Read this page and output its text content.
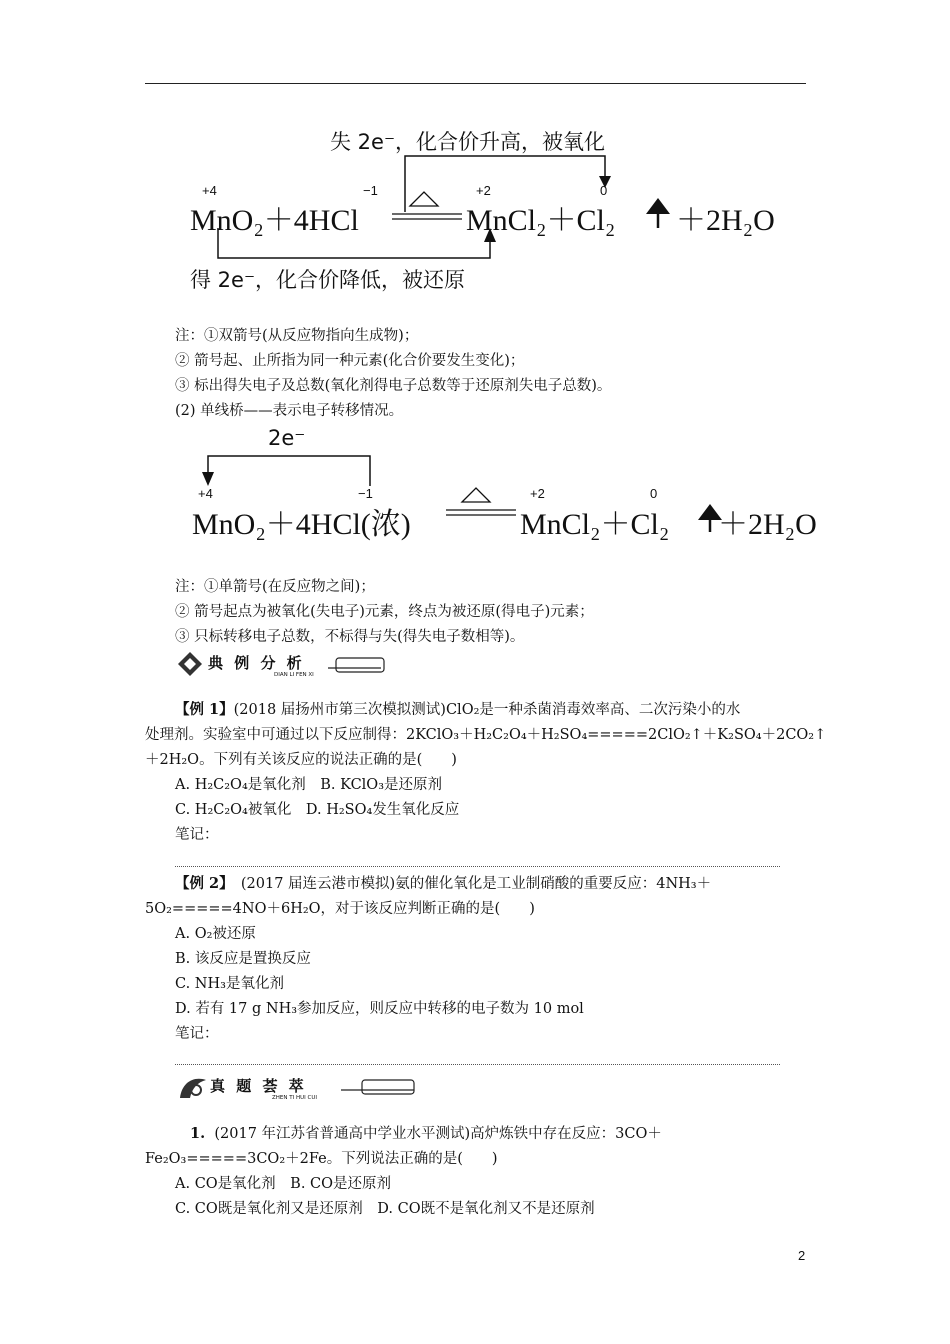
失 2e⁻，化合价升高，被氧化
+4	−1	+2	0
MnO₂＋4HCl	MnCl₂＋Cl₂ ＋2H₂O
得 2e⁻，化合价降低，被还原
注：①双箭号(从反应物指向生成物)；
② 箭号起、止所指为同一种元素(化合价要发生变化)；
③ 标出得失电子及总数(氧化剂得电子总数等于还原剂失电子总数)。
(2) 单线桥——表示电子转移情况。
2e⁻
+4	−1	+2	0
MnO₂＋4HCl(浓)	MnCl₂＋Cl₂ ＋2H₂O
注：①单箭号(在反应物之间)；
② 箭号起点为被氧化(失电子)元素，终点为被还原(得电子)元素；
③ 只标转移电子总数，不标得与失(得失电子数相等)。
典 例 分 析
DIAN LI FEN XI
【例 1】(2018 届扬州市第三次模拟测试)ClO₂是一种杀菌消毒效率高、二次污染小的水
处理剂。实验室中可通过以下反应制得：2KClO₃＋H₂C₂O₄＋H₂SO₄=====2ClO₂↑＋K₂SO₄＋2CO₂↑
＋2H₂O。下列有关该反应的说法正确的是(　　)
A. H₂C₂O₄是氧化剂　B. KClO₃是还原剂
C. H₂C₂O₄被氧化　D. H₂SO₄发生氧化反应
笔记：
【例 2】　(2017 届连云港市模拟)氨的催化氧化是工业制硝酸的重要反应：4NH₃＋
5O₂=====4NO＋6H₂O，对于该反应判断正确的是(　　)
A. O₂被还原
B. 该反应是置换反应
C. NH₃是氧化剂
D. 若有 17 g NH₃参加反应，则反应中转移的电子数为 10 mol
笔记：
真 题 荟 萃
ZHEN TI HUI CUI
1. (2017 年江苏省普通高中学业水平测试)高炉炼铁中存在反应：3CO＋
Fe₂O₃=====3CO₂＋2Fe。下列说法正确的是(　　)
A. CO是氧化剂　B. CO是还原剂
C. CO既是氧化剂又是还原剂　D. CO既不是氧化剂又不是还原剂
2
